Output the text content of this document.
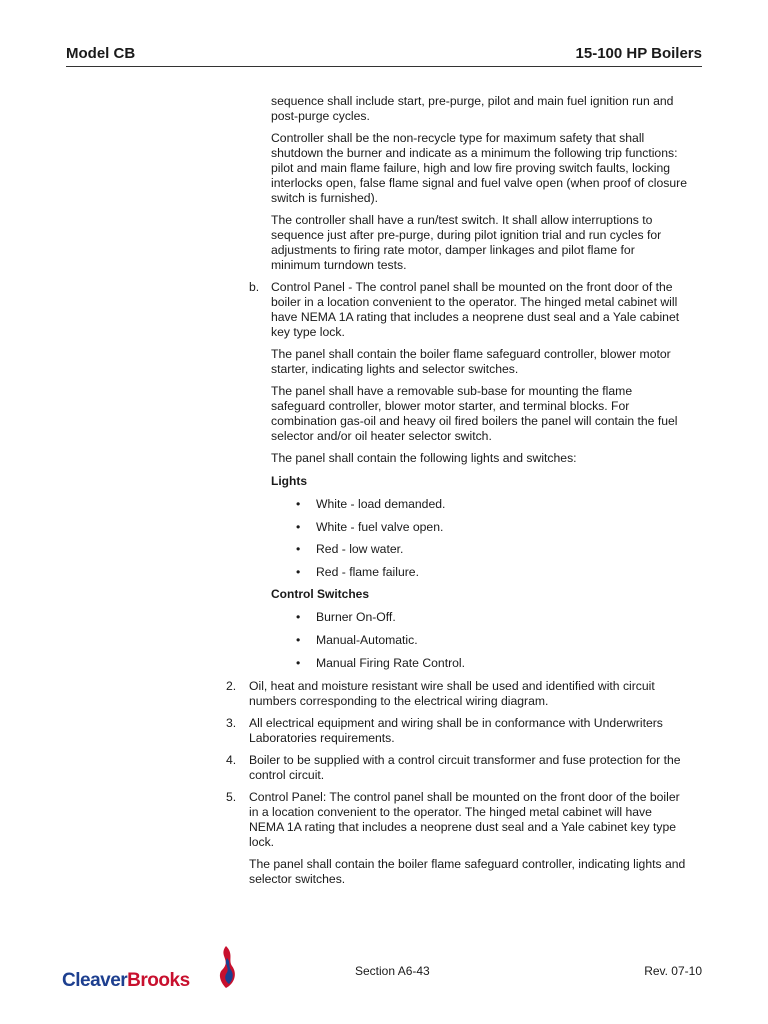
Model CB	15-100 HP Boilers
sequence shall include start, pre-purge, pilot and main fuel ignition run and
post-purge cycles.
Controller shall be the non-recycle type for maximum safety that shall
shutdown the burner and indicate as a minimum the following trip functions:
pilot and main flame failure, high and low fire proving switch faults, locking
interlocks open, false flame signal and fuel valve open (when proof of closure
switch is furnished).
The controller shall have a run/test switch. It shall allow interruptions to
sequence just after pre-purge, during pilot ignition trial and run cycles for
adjustments to firing rate motor, damper linkages and pilot flame for
minimum turndown tests.
b. Control Panel - The control panel shall be mounted on the front door of the
boiler in a location convenient to the operator. The hinged metal cabinet will
have NEMA 1A rating that includes a neoprene dust seal and a Yale cabinet
key type lock.
The panel shall contain the boiler flame safeguard controller, blower motor
starter, indicating lights and selector switches.
The panel shall have a removable sub-base for mounting the flame
safeguard controller, blower motor starter, and terminal blocks. For
combination gas-oil and heavy oil fired boilers the panel will contain the fuel
selector and/or oil heater selector switch.
The panel shall contain the following lights and switches:
Lights
• White - load demanded.
• White - fuel valve open.
• Red - low water.
• Red - flame failure.
Control Switches
• Burner On-Off.
• Manual-Automatic.
• Manual Firing Rate Control.
2. Oil, heat and moisture resistant wire shall be used and identified with circuit
numbers corresponding to the electrical wiring diagram.
3. All electrical equipment and wiring shall be in conformance with Underwriters
Laboratories requirements.
4. Boiler to be supplied with a control circuit transformer and fuse protection for the
control circuit.
5. Control Panel: The control panel shall be mounted on the front door of the boiler
in a location convenient to the operator. The hinged metal cabinet will have
NEMA 1A rating that includes a neoprene dust seal and a Yale cabinet key type
lock.
The panel shall contain the boiler flame safeguard controller, indicating lights and
selector switches.
CleaverBrooks	Section A6-43	Rev. 07-10
